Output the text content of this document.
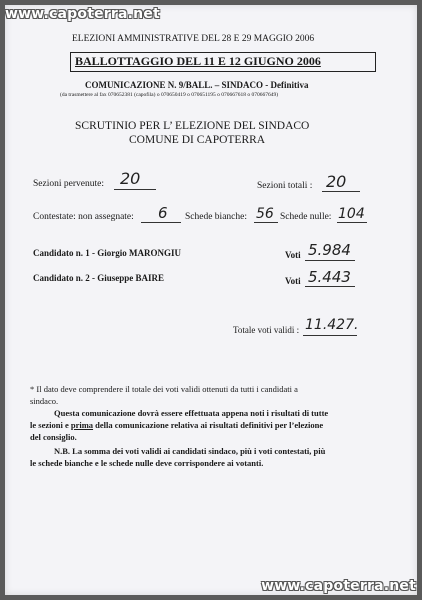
www.capoterra.net
ELEZIONI AMMINISTRATIVE DEL 28 E 29 MAGGIO 2006
BALLOTTAGGIO DEL 11 E 12 GIUGNO 2006
COMUNICAZIONE N. 9/BALL. – SINDACO - Definitiva
(da trasmettere al fax 070652381 (capofila) o 070650419 o 070651195 o 070667618 o 070667649)
SCRUTINIO PER L’ ELEZIONE DEL SINDACO
COMUNE DI CAPOTERRA
Sezioni pervenute: 20	Sezioni totali : 20
Contestate: non assegnate: 6 Schede bianche: 56 Schede nulle: 104
Candidato n. 1 - Giorgio MARONGIU	Voti 5.984
Candidato n. 2 - Giuseppe BAIRE	Voti 5.443
Totale voti validi : 11.427.
* Il dato deve comprendere il totale dei voti validi ottenuti da tutti i candidati a
sindaco.
Questa comunicazione dovrà essere effettuata appena noti i risultati di tutte
le sezioni e prima della comunicazione relativa ai risultati definitivi per l’elezione
del consiglio.
N.B. La somma dei voti validi ai candidati sindaco, più i voti contestati, più
le schede bianche e le schede nulle deve corrispondere ai votanti.
www.capoterra.net
